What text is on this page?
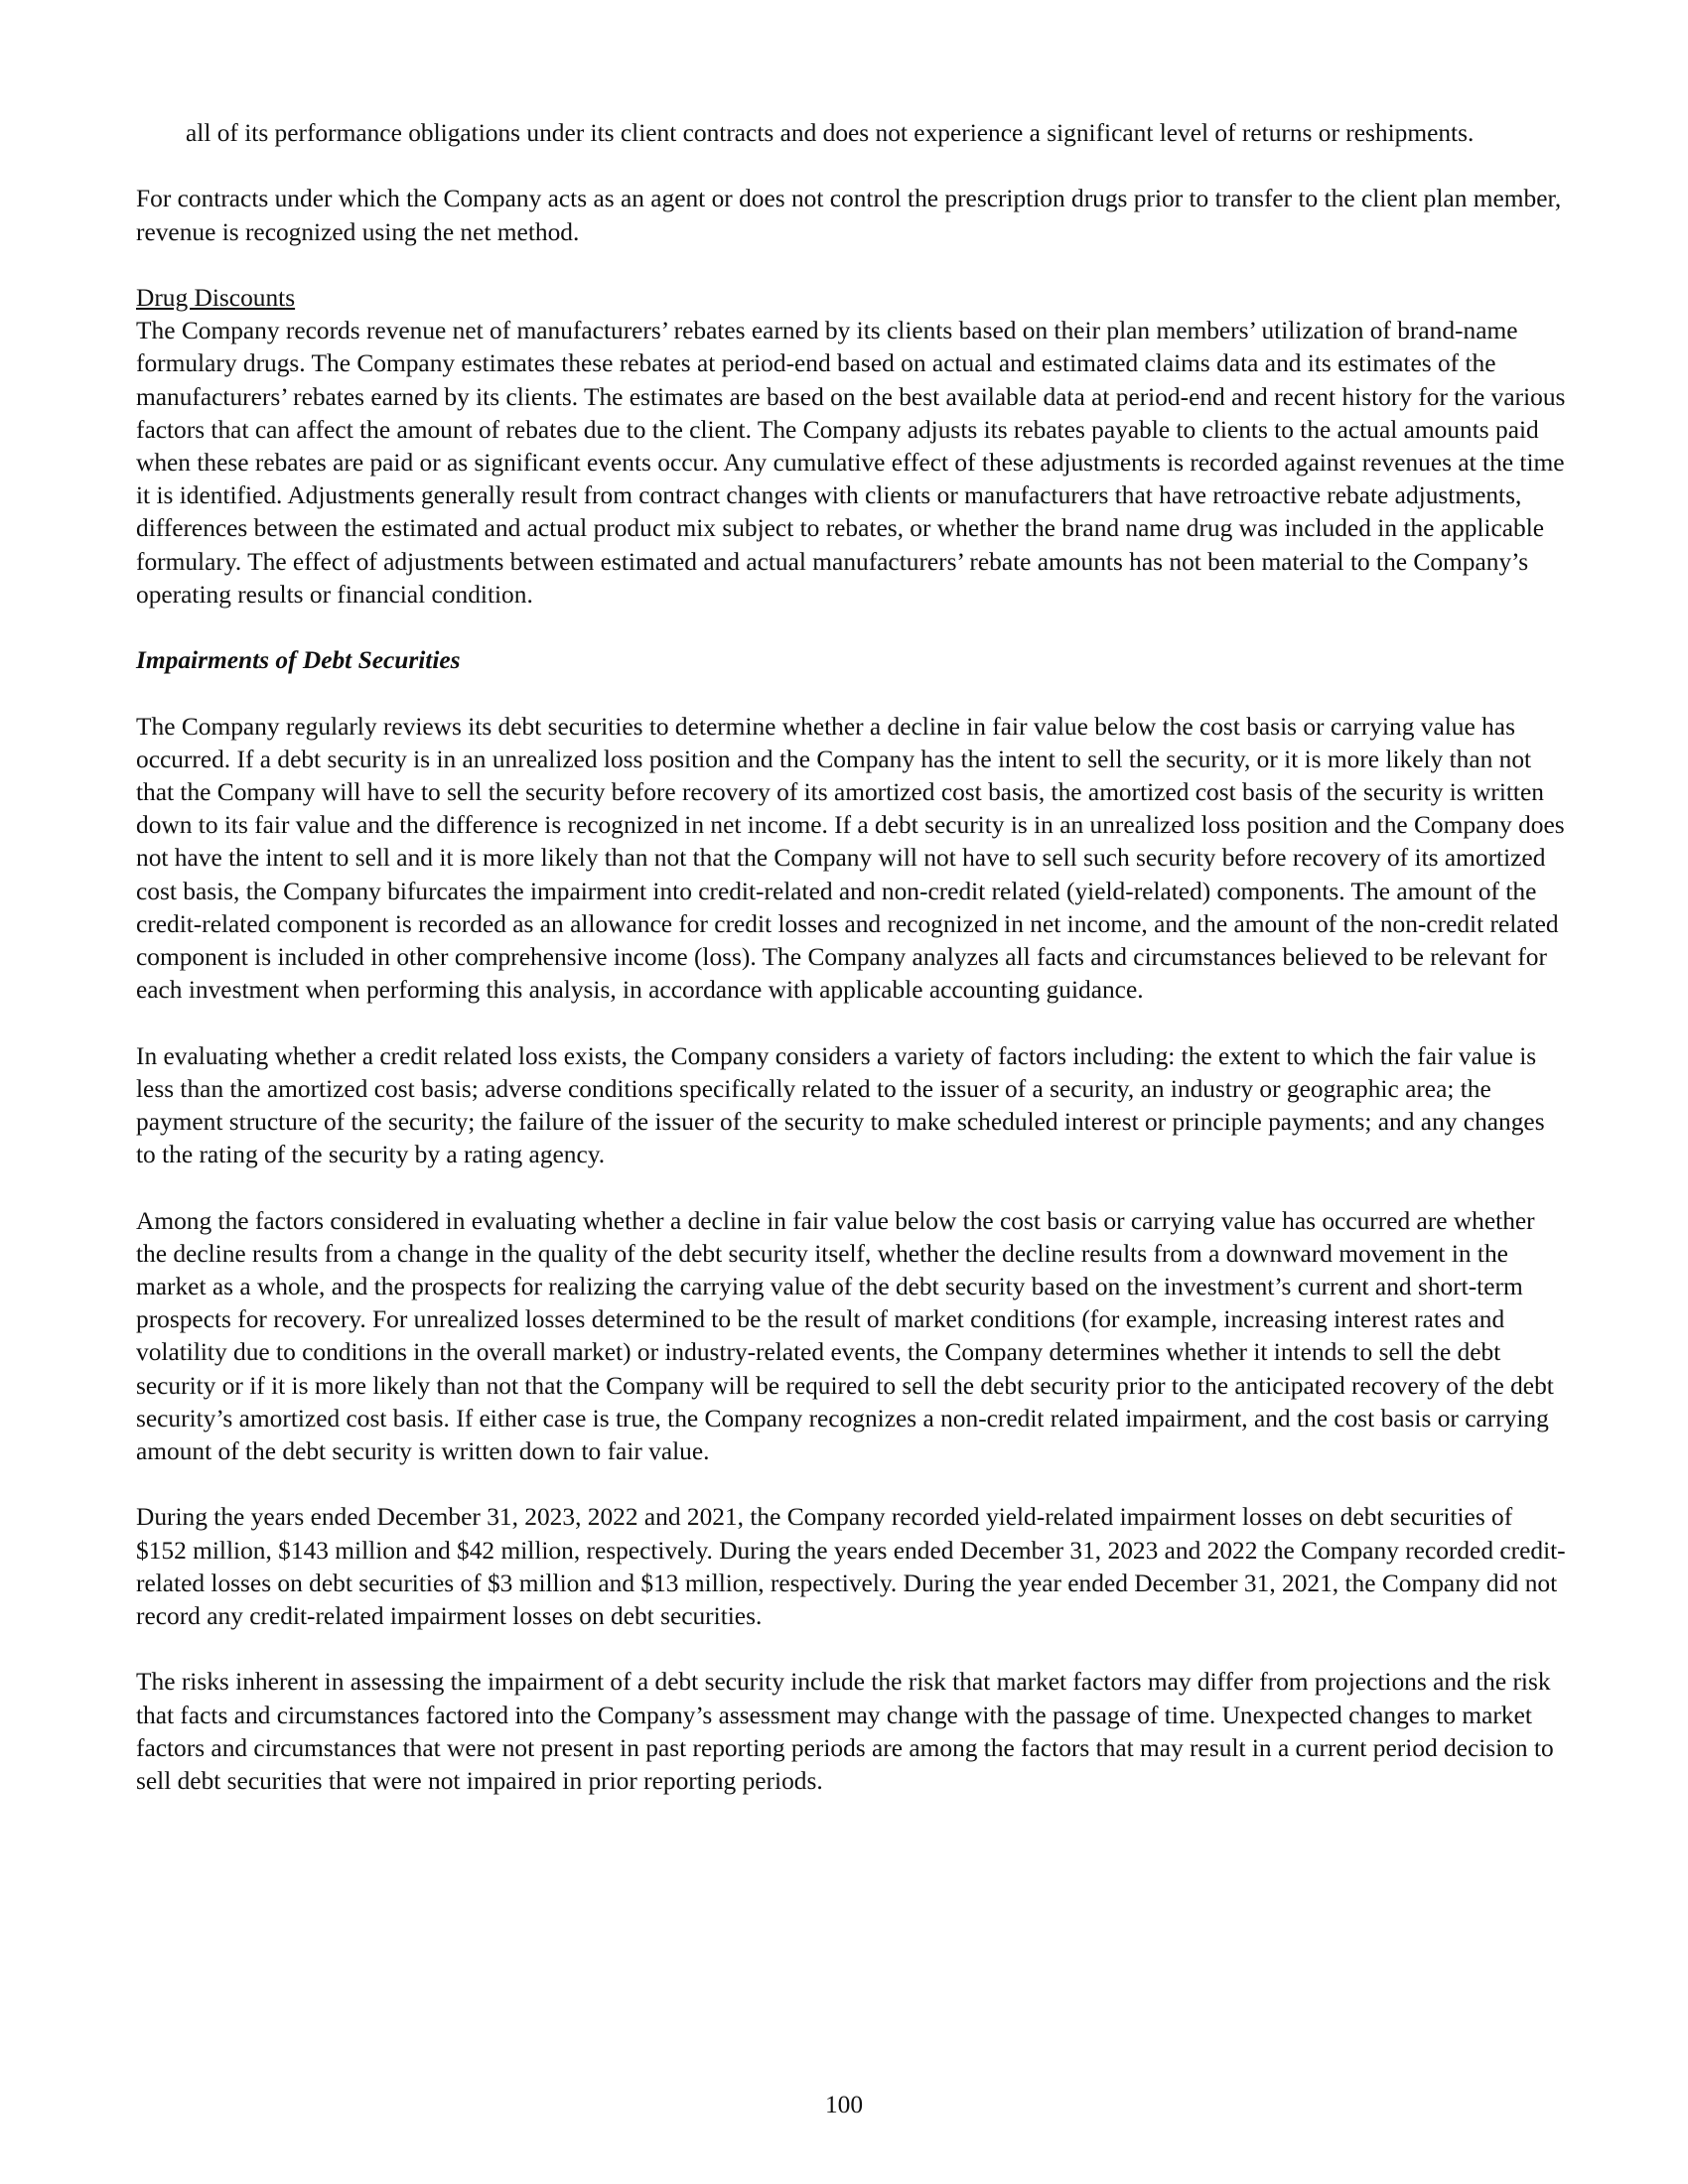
all of its performance obligations under its client contracts and does not experience a significant level of returns or reshipments.

For contracts under which the Company acts as an agent or does not control the prescription drugs prior to transfer to the client plan member, revenue is recognized using the net method.

Drug Discounts
The Company records revenue net of manufacturers’ rebates earned by its clients based on their plan members’ utilization of brand-name formulary drugs. The Company estimates these rebates at period-end based on actual and estimated claims data and its estimates of the manufacturers’ rebates earned by its clients. The estimates are based on the best available data at period-end and recent history for the various factors that can affect the amount of rebates due to the client. The Company adjusts its rebates payable to clients to the actual amounts paid when these rebates are paid or as significant events occur. Any cumulative effect of these adjustments is recorded against revenues at the time it is identified. Adjustments generally result from contract changes with clients or manufacturers that have retroactive rebate adjustments, differences between the estimated and actual product mix subject to rebates, or whether the brand name drug was included in the applicable formulary. The effect of adjustments between estimated and actual manufacturers’ rebate amounts has not been material to the Company’s operating results or financial condition.
Impairments of Debt Securities

The Company regularly reviews its debt securities to determine whether a decline in fair value below the cost basis or carrying value has occurred. If a debt security is in an unrealized loss position and the Company has the intent to sell the security, or it is more likely than not that the Company will have to sell the security before recovery of its amortized cost basis, the amortized cost basis of the security is written down to its fair value and the difference is recognized in net income. If a debt security is in an unrealized loss position and the Company does not have the intent to sell and it is more likely than not that the Company will not have to sell such security before recovery of its amortized cost basis, the Company bifurcates the impairment into credit-related and non-credit related (yield-related) components. The amount of the credit-related component is recorded as an allowance for credit losses and recognized in net income, and the amount of the non-credit related component is included in other comprehensive income (loss). The Company analyzes all facts and circumstances believed to be relevant for each investment when performing this analysis, in accordance with applicable accounting guidance.

In evaluating whether a credit related loss exists, the Company considers a variety of factors including: the extent to which the fair value is less than the amortized cost basis; adverse conditions specifically related to the issuer of a security, an industry or geographic area; the payment structure of the security; the failure of the issuer of the security to make scheduled interest or principle payments; and any changes to the rating of the security by a rating agency.

Among the factors considered in evaluating whether a decline in fair value below the cost basis or carrying value has occurred are whether the decline results from a change in the quality of the debt security itself, whether the decline results from a downward movement in the market as a whole, and the prospects for realizing the carrying value of the debt security based on the investment’s current and short-term prospects for recovery. For unrealized losses determined to be the result of market conditions (for example, increasing interest rates and volatility due to conditions in the overall market) or industry-related events, the Company determines whether it intends to sell the debt security or if it is more likely than not that the Company will be required to sell the debt security prior to the anticipated recovery of the debt security’s amortized cost basis. If either case is true, the Company recognizes a non-credit related impairment, and the cost basis or carrying amount of the debt security is written down to fair value.

During the years ended December 31, 2023, 2022 and 2021, the Company recorded yield-related impairment losses on debt securities of $152 million, $143 million and $42 million, respectively. During the years ended December 31, 2023 and 2022 the Company recorded credit-related losses on debt securities of $3 million and $13 million, respectively. During the year ended December 31, 2021, the Company did not record any credit-related impairment losses on debt securities.

The risks inherent in assessing the impairment of a debt security include the risk that market factors may differ from projections and the risk that facts and circumstances factored into the Company’s assessment may change with the passage of time. Unexpected changes to market factors and circumstances that were not present in past reporting periods are among the factors that may result in a current period decision to sell debt securities that were not impaired in prior reporting periods.

100
